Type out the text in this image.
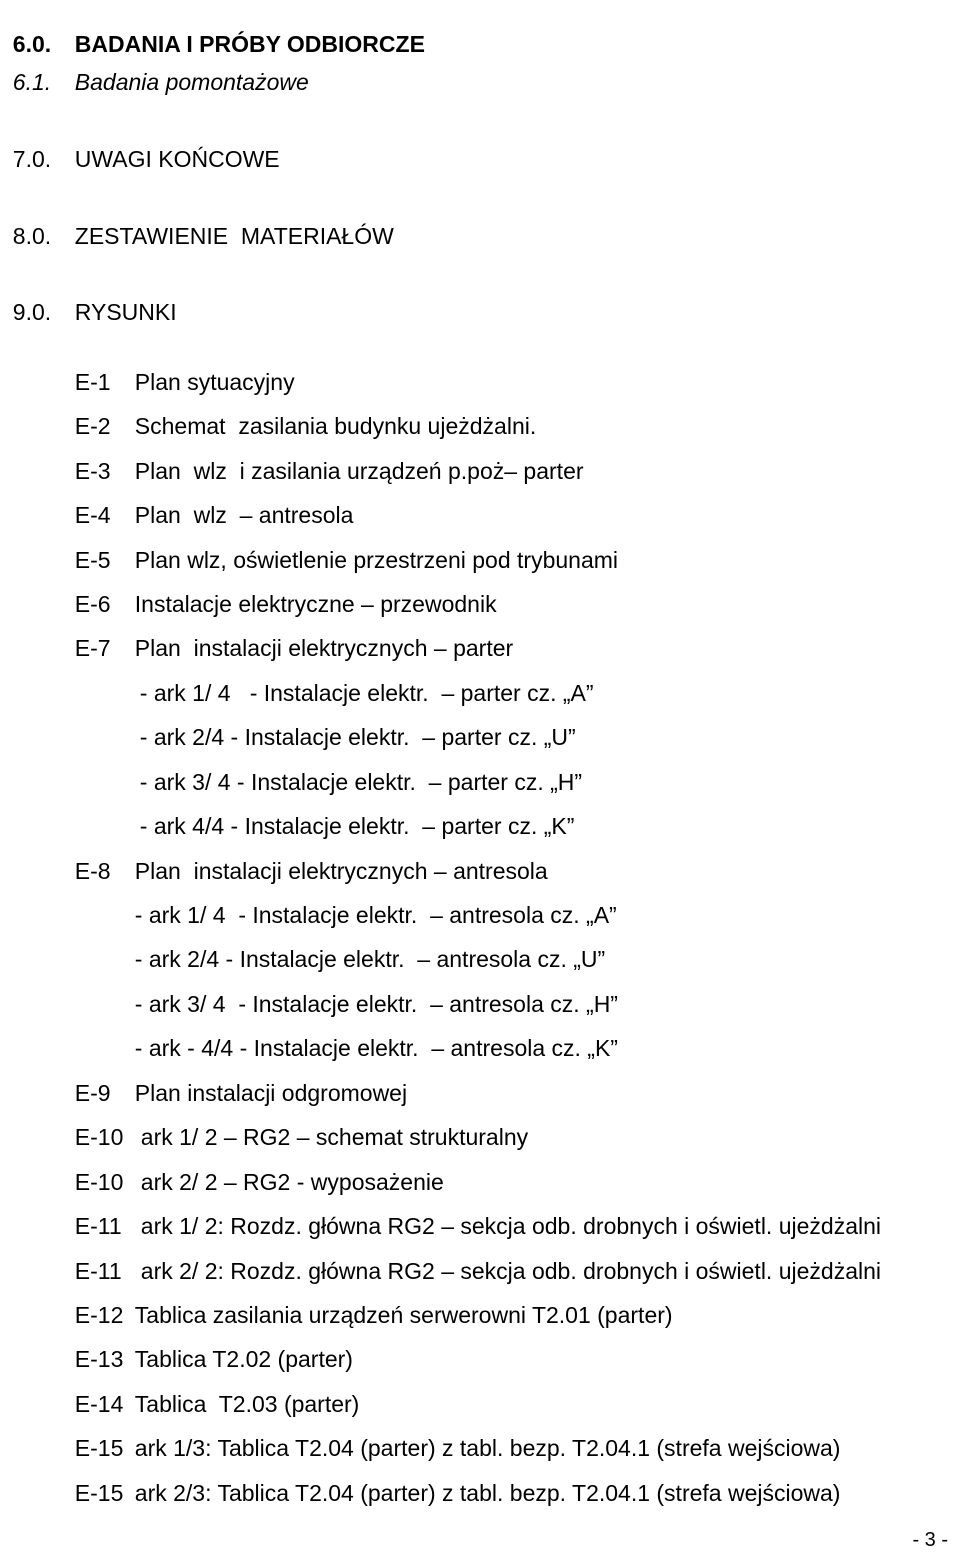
6.0. BADANIA I PRÓBY ODBIORCZE

6.1. Badania pomontażowe

7.0. UWAGI KOŃCOWE

8.0. ZESTAWIENIE  MATERIAŁÓW

9.0. RYSUNKI

E-1 Plan sytuacyjny

E-2 Schemat  zasilania budynku ujeżdżalni.

E-3 Plan  wlz  i zasilania urządzeń p.poż– parter

E-4 Plan  wlz  – antresola

E-5 Plan wlz, oświetlenie przestrzeni pod trybunami

E-6 Instalacje elektryczne – przewodnik

E-7 Plan  instalacji elektrycznych – parter

- ark 1/ 4   - Instalacje elektr.  – parter cz. „A”

- ark 2/4 - Instalacje elektr.  – parter cz. „U”

- ark 3/ 4 - Instalacje elektr.  – parter cz. „H”

- ark 4/4 - Instalacje elektr.  – parter cz. „K”

E-8 Plan  instalacji elektrycznych – antresola

- ark 1/ 4  - Instalacje elektr.  – antresola cz. „A”

- ark 2/4 - Instalacje elektr.  – antresola cz. „U”

- ark 3/ 4  - Instalacje elektr.  – antresola cz. „H”

- ark - 4/4 - Instalacje elektr.  – antresola cz. „K”

E-9 Plan instalacji odgromowej

E-10 ark 1/ 2 – RG2 – schemat strukturalny

E-10 ark 2/ 2 – RG2 - wyposażenie

E-11 ark 1/ 2: Rozdz. główna RG2 – sekcja odb. drobnych i oświetl. ujeżdżalni

E-11 ark 2/ 2: Rozdz. główna RG2 – sekcja odb. drobnych i oświetl. ujeżdżalni

E-12 Tablica zasilania urządzeń serwerowni T2.01 (parter)

E-13 Tablica T2.02 (parter)

E-14 Tablica  T2.03 (parter)

E-15 ark 1/3: Tablica T2.04 (parter) z tabl. bezp. T2.04.1 (strefa wejściowa)

E-15 ark 2/3: Tablica T2.04 (parter) z tabl. bezp. T2.04.1 (strefa wejściowa)

- 3 -
